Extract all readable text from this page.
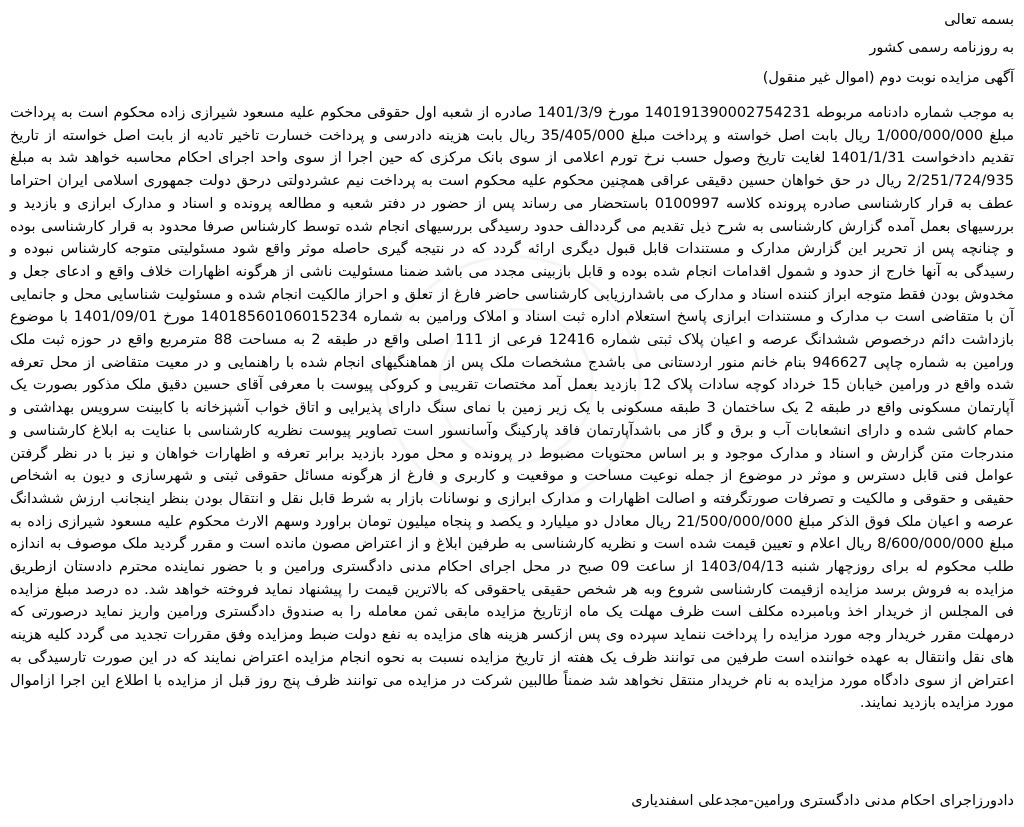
بسمه تعالی
به روزنامه رسمی کشور
آگهی مزایده نوبت دوم (اموال غیر منقول)
به موجب شماره دادنامه مربوطه 140191390002754231 مورخ 1401/3/9 صادره از شعبه اول حقوقی محکوم علیه مسعود شیرازی زاده محکوم است به پرداخت مبلغ 1/000/000/000 ریال بابت اصل خواسته و پرداخت مبلغ 35/405/000 ریال بابت هزینه دادرسی و پرداخت خسارت تاخیر تادیه از بابت اصل خواسته از تاریخ تقدیم دادخواست 1401/1/31 لغایت تاریخ وصول حسب نرخ تورم اعلامی از سوی بانک مرکزی که حین اجرا از سوی واحد اجرای احکام محاسبه خواهد شد به مبلغ 2/251/724/935 ریال در حق خواهان حسین دقیقی عراقی همچنین محکوم علیه محکوم است به پرداخت نیم عشردولتی درحق دولت جمهوری اسلامی ایران احتراما عطف به قرار کارشناسی صادره پرونده کلاسه 0100997 باستحضار می رساند پس از حضور در دفتر شعبه و مطالعه پرونده و اسناد و مدارک ابرازی و بازدید و بررسیهای بعمل آمده گزارش کارشناسی به شرح ذیل تقدیم می گرددالف حدود رسیدگی بررسیهای انجام شده توسط کارشناس صرفا محدود به قرار کارشناسی بوده و چنانچه پس از تحریر این گزارش مدارک و مستندات قابل قبول دیگری ارائه گردد که در نتیجه گیری حاصله موثر واقع شود مسئولیتی متوجه کارشناس نبوده و رسیدگی به آنها خارج از حدود و شمول اقدامات انجام شده بوده و قابل بازبینی مجدد می باشد ضمنا مسئولیت ناشی از هرگونه اظهارات خلاف واقع و ادعای جعل و مخدوش بودن فقط متوجه ابراز کننده اسناد و مدارک می باشدارزیابی کارشناسی حاضر فارغ از تعلق و احراز مالکیت انجام شده و مسئولیت شناسایی محل و جانمایی آن با متقاضی است ب مدارک و مستندات ابرازی پاسخ استعلام اداره ثبت اسناد و املاک ورامین به شماره 14018560106015234 مورخ 1401/09/01 با موضوع بازداشت دائم درخصوص ششدانگ عرصه و اعیان پلاک ثبتی شماره 12416 فرعی از 111 اصلی واقع در طبقه 2 به مساحت 88 مترمربع واقع در حوزه ثبت ملک ورامین به شماره چاپی 946627 بنام خانم منور اردستانی می باشدج مشخصات ملک پس از هماهنگیهای انجام شده با راهنمایی و در معیت متقاضی از محل تعرفه شده واقع در ورامین خیابان 15 خرداد کوچه سادات پلاک 12 بازدید بعمل آمد مختصات تقریبی و کروکی پیوست با معرفی آقای حسین دقیق ملک مذکور بصورت یک آپارتمان مسکونی واقع در طبقه 2 یک ساختمان 3 طبقه مسکونی با یک زیر زمین با نمای سنگ دارای پذیرایی و اتاق خواب آشپزخانه با کابینت سرویس بهداشتی و حمام کاشی شده و دارای انشعابات آب و برق و گاز می باشدآپارتمان فاقد پارکینگ وآسانسور است تصاویر پیوست نظریه کارشناسی با عنایت به ابلاغ کارشناسی و مندرجات متن گزارش و اسناد و مدارک موجود و بر اساس محتویات مضبوط در پرونده و محل مورد بازدید برابر تعرفه و اظهارات خواهان و نیز با در نظر گرفتن عوامل فنی قابل دسترس و موثر در موضوع از جمله نوعیت مساحت و موقعیت و کاربری و فارغ از هرگونه مسائل حقوقی ثبتی و شهرسازی و دیون به اشخاص حقیقی و حقوقی و مالکیت و تصرفات صورتگرفته و اصالت اظهارات و مدارک ابرازی و نوسانات بازار به شرط قابل نقل و انتقال بودن بنظر اینجانب ارزش ششدانگ عرصه و اعیان ملک فوق الذکر مبلغ 21/500/000/000 ریال معادل دو میلیارد و یکصد و پنجاه میلیون تومان براورد وسهم الارث محکوم علیه مسعود شیرازی زاده به مبلغ 8/600/000/000 ریال اعلام و تعیین قیمت شده است و نظریه کارشناسی به طرفین ابلاغ و از اعتراض مصون مانده است و مقرر گردید ملک موصوف به اندازه طلب محکوم له برای روزچهار شنبه 1403/04/13 از ساعت 09 صبح در محل اجرای احکام مدنی دادگستری ورامین و با حضور نماینده محترم دادستان ازطریق مزایده به فروش برسد مزایده ازقیمت کارشناسی شروع وبه هر شخص حقیقی یاحقوقی که بالاترین قیمت را پیشنهاد نماید فروخته خواهد شد. ده درصد مبلغ مزایده فی المجلس از خریدار اخذ وبامبرده مکلف است ظرف مهلت یک ماه ازتاریخ مزایده مابقی ثمن معامله را به صندوق دادگستری ورامین واریز نماید درصورتی که درمهلت مقرر خریدار وجه مورد مزایده را پرداخت ننماید سپرده وی پس ازکسر هزینه های مزایده به نفع دولت ضبط ومزایده وفق مقررات تجدید می گردد کلیه هزینه های نقل وانتقال به عهده خواننده است طرفین می توانند ظرف یک هفته از تاریخ مزایده نسبت به نحوه انجام مزایده اعتراض نمایند که در این صورت تارسیدگی به اعتراض از سوی دادگاه مورد مزایده به نام خریدار منتقل نخواهد شد ضمناً طالبین شرکت در مزایده می توانند ظرف پنج روز قبل از مزایده با اطلاع این اجرا ازاموال مورد مزایده بازدید نمایند.
دادورزاجرای احکام مدنی دادگستری ورامین-مجدعلی اسفندیاری
